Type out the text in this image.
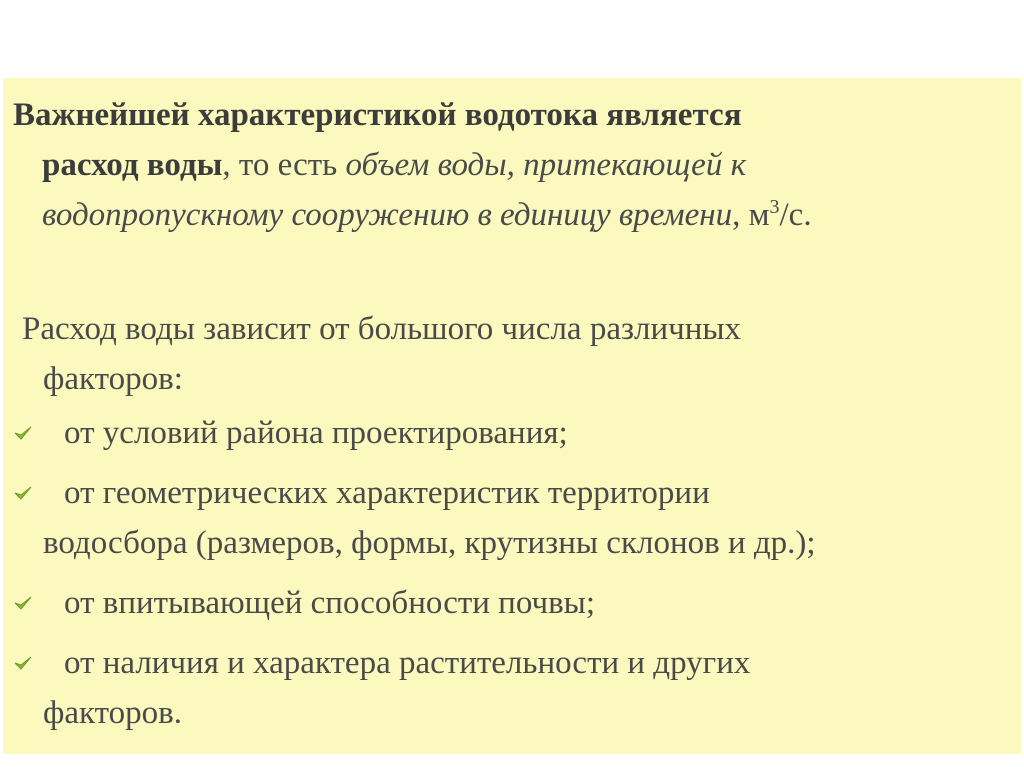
Важнейшей характеристикой водотока является
расход воды, то есть объем воды, притекающей к
водопропускному сооружению в единицу времени, $м^3/с$.

Расход воды зависит от большого числа различных
факторов:

от условий района проектирования;
от геометрических характеристик территории
водосбора (размеров, формы, крутизны склонов и др.);
от впитывающей способности почвы;
от наличия и характера растительности и других
факторов.
